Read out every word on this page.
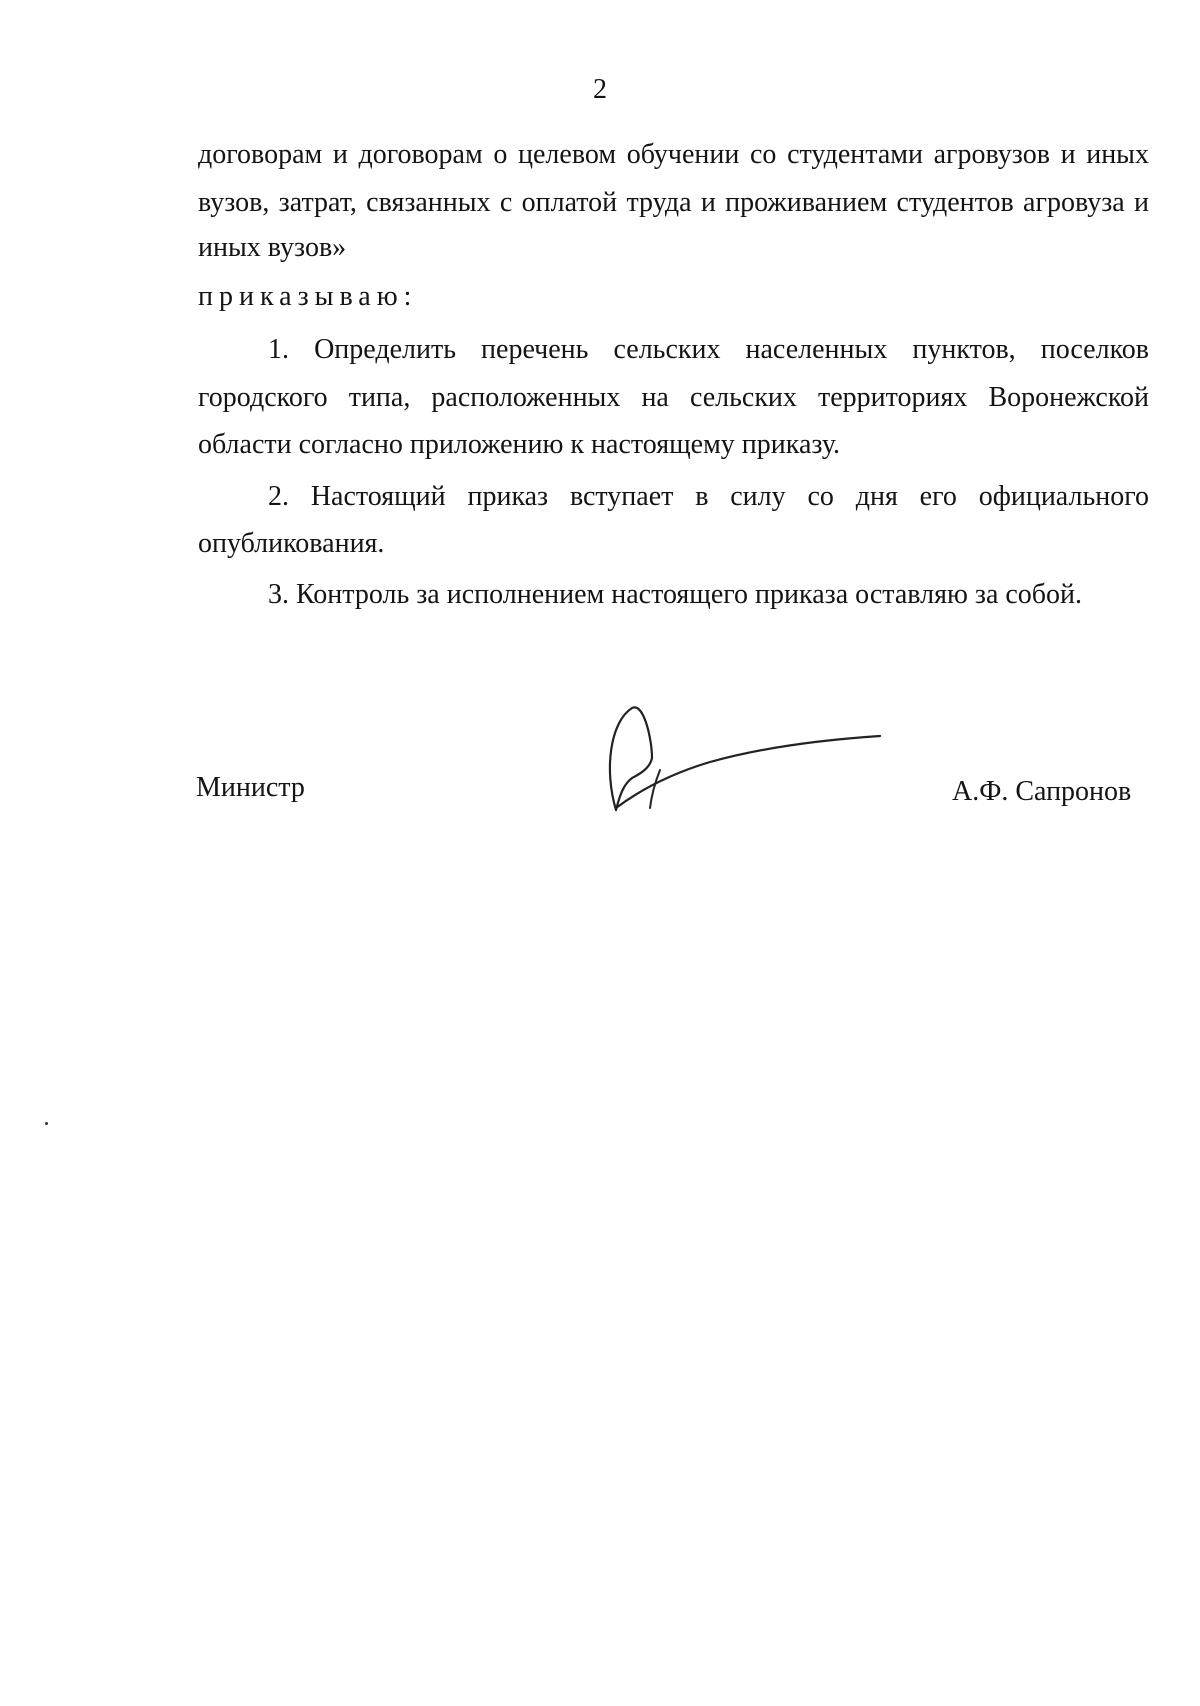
2
договорам и договорам о целевом обучении со студентами агровузов и иных
вузов, затрат, связанных с оплатой труда и проживанием студентов агровуза и
иных вузов»
приказываю:
1. Определить перечень сельских населенных пунктов, поселков
городского типа, расположенных на сельских территориях Воронежской
области согласно приложению к настоящему приказу.
2. Настоящий приказ вступает в силу со дня его официального
опубликования.
3. Контроль за исполнением настоящего приказа оставляю за собой.
Министр	А.Ф. Сапронов
